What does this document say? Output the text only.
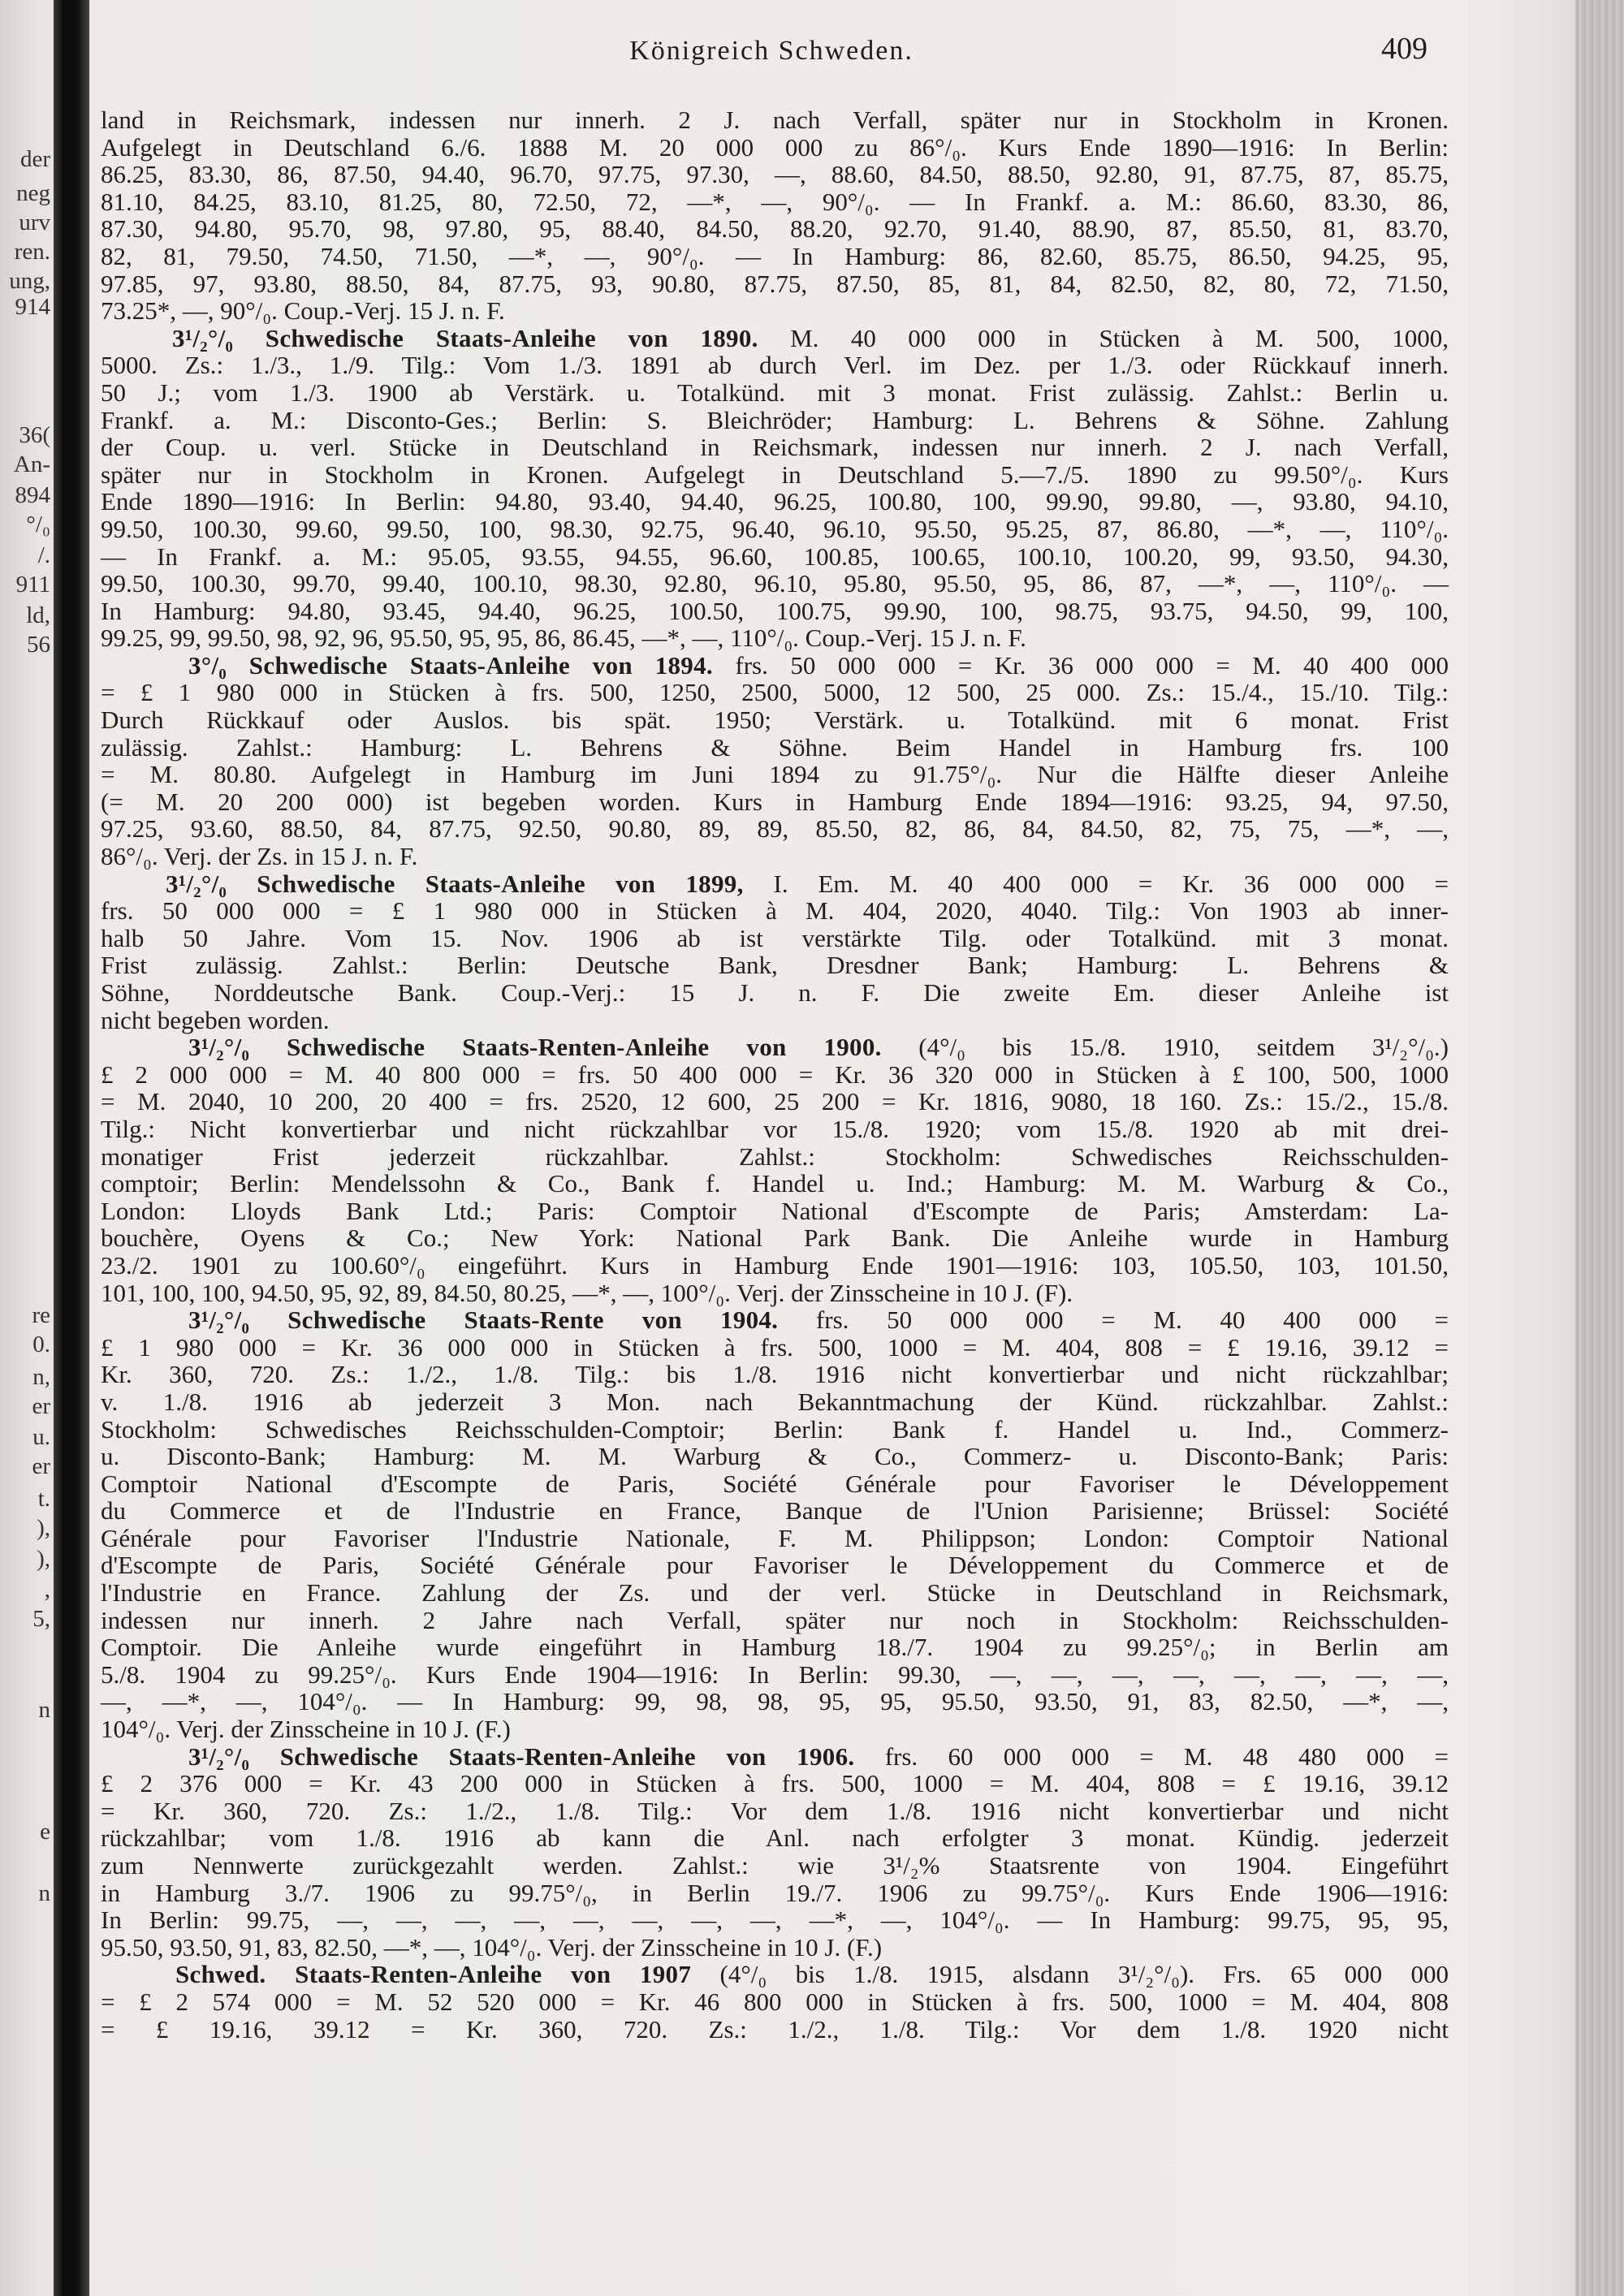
der
neg
urv
ren.
ung,
914
36(
An-
894
°/₀
/.
911
ld,
56
re
0.
n,
er
u.
er
t.
),
),
,
5,
n
e
n
Königreich Schweden.	409
land in Reichsmark, indessen nur innerh. 2 J. nach Verfall, später nur in Stockholm in Kronen.
Aufgelegt in Deutschland 6./6. 1888 M. 20 000 000 zu 86°/₀. Kurs Ende 1890—1916: In Berlin:
86.25, 83.30, 86, 87.50, 94.40, 96.70, 97.75, 97.30, —, 88.60, 84.50, 88.50, 92.80, 91, 87.75, 87, 85.75,
81.10, 84.25, 83.10, 81.25, 80, 72.50, 72, —*, —, 90°/₀. — In Frankf. a. M.: 86.60, 83.30, 86,
87.30, 94.80, 95.70, 98, 97.80, 95, 88.40, 84.50, 88.20, 92.70, 91.40, 88.90, 87, 85.50, 81, 83.70,
82, 81, 79.50, 74.50, 71.50, —*, —, 90°/₀. — In Hamburg: 86, 82.60, 85.75, 86.50, 94.25, 95,
97.85, 97, 93.80, 88.50, 84, 87.75, 93, 90.80, 87.75, 87.50, 85, 81, 84, 82.50, 82, 80, 72, 71.50,
73.25*, —, 90°/₀. Coup.-Verj. 15 J. n. F.
3¹/₂°/₀ Schwedische Staats-Anleihe von 1890. M. 40 000 000 in Stücken à M. 500, 1000,
5000. Zs.: 1./3., 1./9. Tilg.: Vom 1./3. 1891 ab durch Verl. im Dez. per 1./3. oder Rückkauf innerh.
50 J.; vom 1./3. 1900 ab Verstärk. u. Totalkünd. mit 3 monat. Frist zulässig. Zahlst.: Berlin u.
Frankf. a. M.: Disconto-Ges.; Berlin: S. Bleichröder; Hamburg: L. Behrens & Söhne. Zahlung
der Coup. u. verl. Stücke in Deutschland in Reichsmark, indessen nur innerh. 2 J. nach Verfall,
später nur in Stockholm in Kronen. Aufgelegt in Deutschland 5.—7./5. 1890 zu 99.50°/₀. Kurs
Ende 1890—1916: In Berlin: 94.80, 93.40, 94.40, 96.25, 100.80, 100, 99.90, 99.80, —, 93.80, 94.10,
99.50, 100.30, 99.60, 99.50, 100, 98.30, 92.75, 96.40, 96.10, 95.50, 95.25, 87, 86.80, —*, —, 110°/₀.
— In Frankf. a. M.: 95.05, 93.55, 94.55, 96.60, 100.85, 100.65, 100.10, 100.20, 99, 93.50, 94.30,
99.50, 100.30, 99.70, 99.40, 100.10, 98.30, 92.80, 96.10, 95.80, 95.50, 95, 86, 87, —*, —, 110°/₀. —
In Hamburg: 94.80, 93.45, 94.40, 96.25, 100.50, 100.75, 99.90, 100, 98.75, 93.75, 94.50, 99, 100,
99.25, 99, 99.50, 98, 92, 96, 95.50, 95, 95, 86, 86.45, —*, —, 110°/₀. Coup.-Verj. 15 J. n. F.
3°/₀ Schwedische Staats-Anleihe von 1894. frs. 50 000 000 = Kr. 36 000 000 = M. 40 400 000
= £ 1 980 000 in Stücken à frs. 500, 1250, 2500, 5000, 12 500, 25 000. Zs.: 15./4., 15./10. Tilg.:
Durch Rückkauf oder Auslos. bis spät. 1950; Verstärk. u. Totalkünd. mit 6 monat. Frist
zulässig. Zahlst.: Hamburg: L. Behrens & Söhne. Beim Handel in Hamburg frs. 100
= M. 80.80. Aufgelegt in Hamburg im Juni 1894 zu 91.75°/₀. Nur die Hälfte dieser Anleihe
(= M. 20 200 000) ist begeben worden. Kurs in Hamburg Ende 1894—1916: 93.25, 94, 97.50,
97.25, 93.60, 88.50, 84, 87.75, 92.50, 90.80, 89, 89, 85.50, 82, 86, 84, 84.50, 82, 75, 75, —*, —,
86°/₀. Verj. der Zs. in 15 J. n. F.
3¹/₂°/₀ Schwedische Staats-Anleihe von 1899, I. Em. M. 40 400 000 = Kr. 36 000 000 =
frs. 50 000 000 = £ 1 980 000 in Stücken à M. 404, 2020, 4040. Tilg.: Von 1903 ab inner-
halb 50 Jahre. Vom 15. Nov. 1906 ab ist verstärkte Tilg. oder Totalkünd. mit 3 monat.
Frist zulässig. Zahlst.: Berlin: Deutsche Bank, Dresdner Bank; Hamburg: L. Behrens &
Söhne, Norddeutsche Bank. Coup.-Verj.: 15 J. n. F. Die zweite Em. dieser Anleihe ist
nicht begeben worden.
3¹/₂°/₀ Schwedische Staats-Renten-Anleihe von 1900. (4°/₀ bis 15./8. 1910, seitdem 3¹/₂°/₀.)
£ 2 000 000 = M. 40 800 000 = frs. 50 400 000 = Kr. 36 320 000 in Stücken à £ 100, 500, 1000
= M. 2040, 10 200, 20 400 = frs. 2520, 12 600, 25 200 = Kr. 1816, 9080, 18 160. Zs.: 15./2., 15./8.
Tilg.: Nicht konvertierbar und nicht rückzahlbar vor 15./8. 1920; vom 15./8. 1920 ab mit drei-
monatiger Frist jederzeit rückzahlbar. Zahlst.: Stockholm: Schwedisches Reichsschulden-
comptoir; Berlin: Mendelssohn & Co., Bank f. Handel u. Ind.; Hamburg: M. M. Warburg & Co.,
London: Lloyds Bank Ltd.; Paris: Comptoir National d'Escompte de Paris; Amsterdam: La-
bouchère, Oyens & Co.; New York: National Park Bank. Die Anleihe wurde in Hamburg
23./2. 1901 zu 100.60°/₀ eingeführt. Kurs in Hamburg Ende 1901—1916: 103, 105.50, 103, 101.50,
101, 100, 100, 94.50, 95, 92, 89, 84.50, 80.25, —*, —, 100°/₀. Verj. der Zinsscheine in 10 J. (F).
3¹/₂°/₀ Schwedische Staats-Rente von 1904. frs. 50 000 000 = M. 40 400 000 =
£ 1 980 000 = Kr. 36 000 000 in Stücken à frs. 500, 1000 = M. 404, 808 = £ 19.16, 39.12 =
Kr. 360, 720. Zs.: 1./2., 1./8. Tilg.: bis 1./8. 1916 nicht konvertierbar und nicht rückzahlbar;
v. 1./8. 1916 ab jederzeit 3 Mon. nach Bekanntmachung der Künd. rückzahlbar. Zahlst.:
Stockholm: Schwedisches Reichsschulden-Comptoir; Berlin: Bank f. Handel u. Ind., Commerz-
u. Disconto-Bank; Hamburg: M. M. Warburg & Co., Commerz- u. Disconto-Bank; Paris:
Comptoir National d'Escompte de Paris, Société Générale pour Favoriser le Développement
du Commerce et de l'Industrie en France, Banque de l'Union Parisienne; Brüssel: Société
Générale pour Favoriser l'Industrie Nationale, F. M. Philippson; London: Comptoir National
d'Escompte de Paris, Société Générale pour Favoriser le Développement du Commerce et de
l'Industrie en France. Zahlung der Zs. und der verl. Stücke in Deutschland in Reichsmark,
indessen nur innerh. 2 Jahre nach Verfall, später nur noch in Stockholm: Reichsschulden-
Comptoir. Die Anleihe wurde eingeführt in Hamburg 18./7. 1904 zu 99.25°/₀; in Berlin am
5./8. 1904 zu 99.25°/₀. Kurs Ende 1904—1916: In Berlin: 99.30, —, —, —, —, —, —, —, —,
—, —*, —, 104°/₀. — In Hamburg: 99, 98, 98, 95, 95, 95.50, 93.50, 91, 83, 82.50, —*, —,
104°/₀. Verj. der Zinsscheine in 10 J. (F.)
3¹/₂°/₀ Schwedische Staats-Renten-Anleihe von 1906. frs. 60 000 000 = M. 48 480 000 =
£ 2 376 000 = Kr. 43 200 000 in Stücken à frs. 500, 1000 = M. 404, 808 = £ 19.16, 39.12
= Kr. 360, 720. Zs.: 1./2., 1./8. Tilg.: Vor dem 1./8. 1916 nicht konvertierbar und nicht
rückzahlbar; vom 1./8. 1916 ab kann die Anl. nach erfolgter 3 monat. Kündig. jederzeit
zum Nennwerte zurückgezahlt werden. Zahlst.: wie 3¹/₂% Staatsrente von 1904. Eingeführt
in Hamburg 3./7. 1906 zu 99.75°/₀, in Berlin 19./7. 1906 zu 99.75°/₀. Kurs Ende 1906—1916:
In Berlin: 99.75, —, —, —, —, —, —, —, —, —*, —, 104°/₀. — In Hamburg: 99.75, 95, 95,
95.50, 93.50, 91, 83, 82.50, —*, —, 104°/₀. Verj. der Zinsscheine in 10 J. (F.)
Schwed. Staats-Renten-Anleihe von 1907 (4°/₀ bis 1./8. 1915, alsdann 3¹/₂°/₀). Frs. 65 000 000
= £ 2 574 000 = M. 52 520 000 = Kr. 46 800 000 in Stücken à frs. 500, 1000 = M. 404, 808
= £ 19.16, 39.12 = Kr. 360, 720. Zs.: 1./2., 1./8. Tilg.: Vor dem 1./8. 1920 nicht
